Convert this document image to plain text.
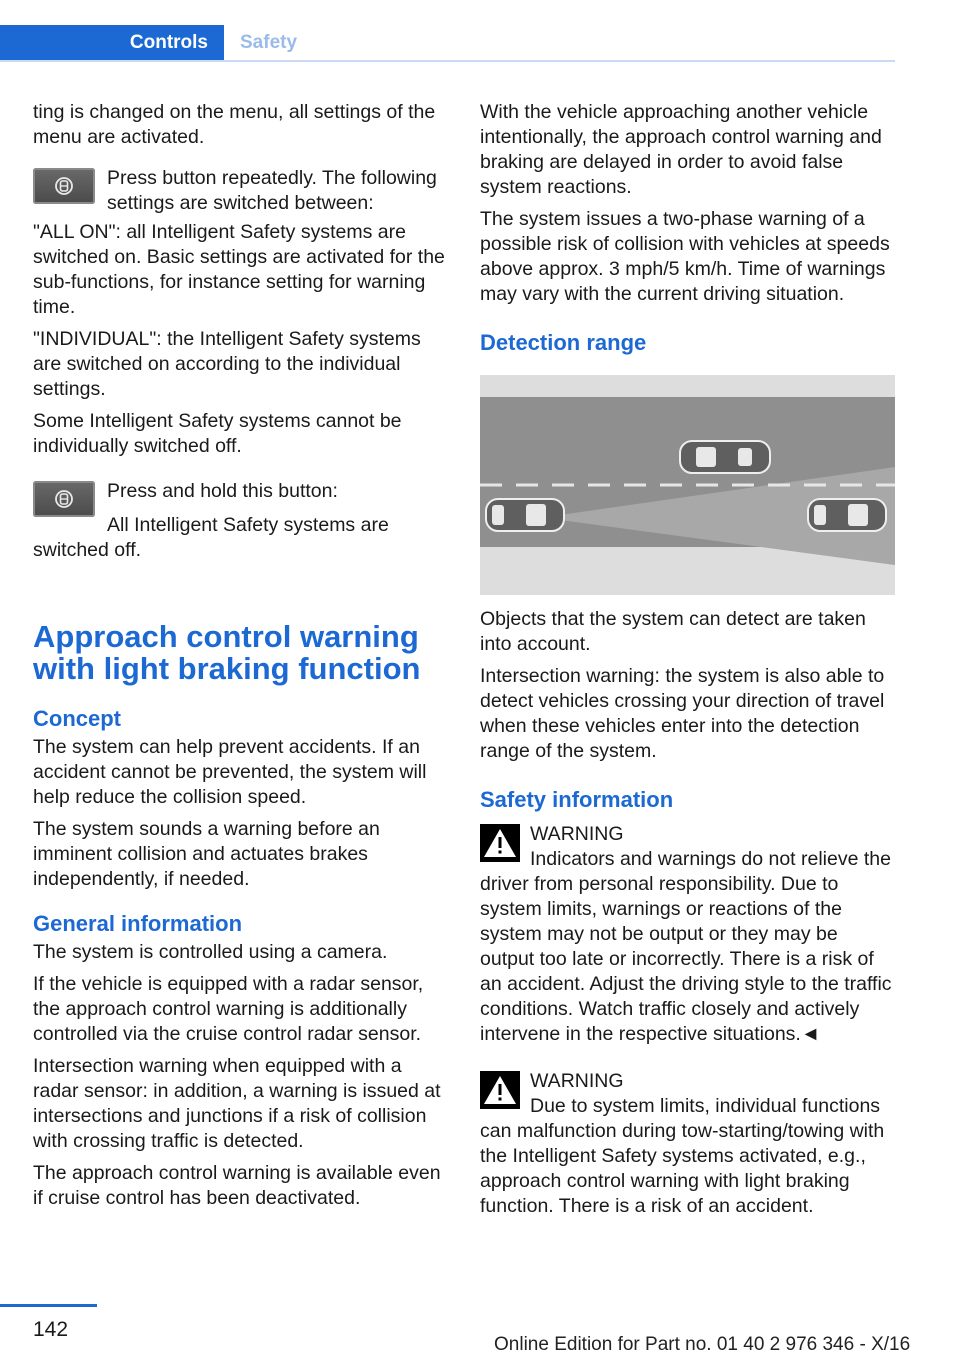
Controls	Safety

ting is changed on the menu, all settings of the menu are activated.

Press button repeatedly. The following settings are switched between:

"ALL ON": all Intelligent Safety systems are switched on. Basic settings are activated for the sub-functions, for instance setting for warning time.

"INDIVIDUAL": the Intelligent Safety systems are switched on according to the individual settings.

Some Intelligent Safety systems cannot be individually switched off.

Press and hold this button:

All Intelligent Safety systems are switched off.

Approach control warning with light braking function
Concept

The system can help prevent accidents. If an accident cannot be prevented, the system will help reduce the collision speed.

The system sounds a warning before an imminent collision and actuates brakes independently, if needed.

General information

The system is controlled using a camera.

If the vehicle is equipped with a radar sensor, the approach control warning is additionally controlled via the cruise control radar sensor.

Intersection warning when equipped with a radar sensor: in addition, a warning is issued at intersections and junctions if a risk of collision with crossing traffic is detected.

The approach control warning is available even if cruise control has been deactivated.

With the vehicle approaching another vehicle intentionally, the approach control warning and braking are delayed in order to avoid false system reactions.

The system issues a two-phase warning of a possible risk of collision with vehicles at speeds above approx. 3 mph/5 km/h. Time of warnings may vary with the current driving situation.

Detection range

Objects that the system can detect are taken into account.

Intersection warning: the system is also able to detect vehicles crossing your direction of travel when these vehicles enter into the detection range of the system.

Safety information
WARNING

Indicators and warnings do not relieve the driver from personal responsibility. Due to system limits, warnings or reactions of the system may not be output or they may be output too late or incorrectly. There is a risk of an accident. Adjust the driving style to the traffic conditions. Watch traffic closely and actively intervene in the respective situations.◄

WARNING

Due to system limits, individual functions can malfunction during tow-starting/towing with the Intelligent Safety systems activated, e.g., approach control warning with light braking function. There is a risk of an accident.

142
Online Edition for Part no. 01 40 2 976 346 - X/16
